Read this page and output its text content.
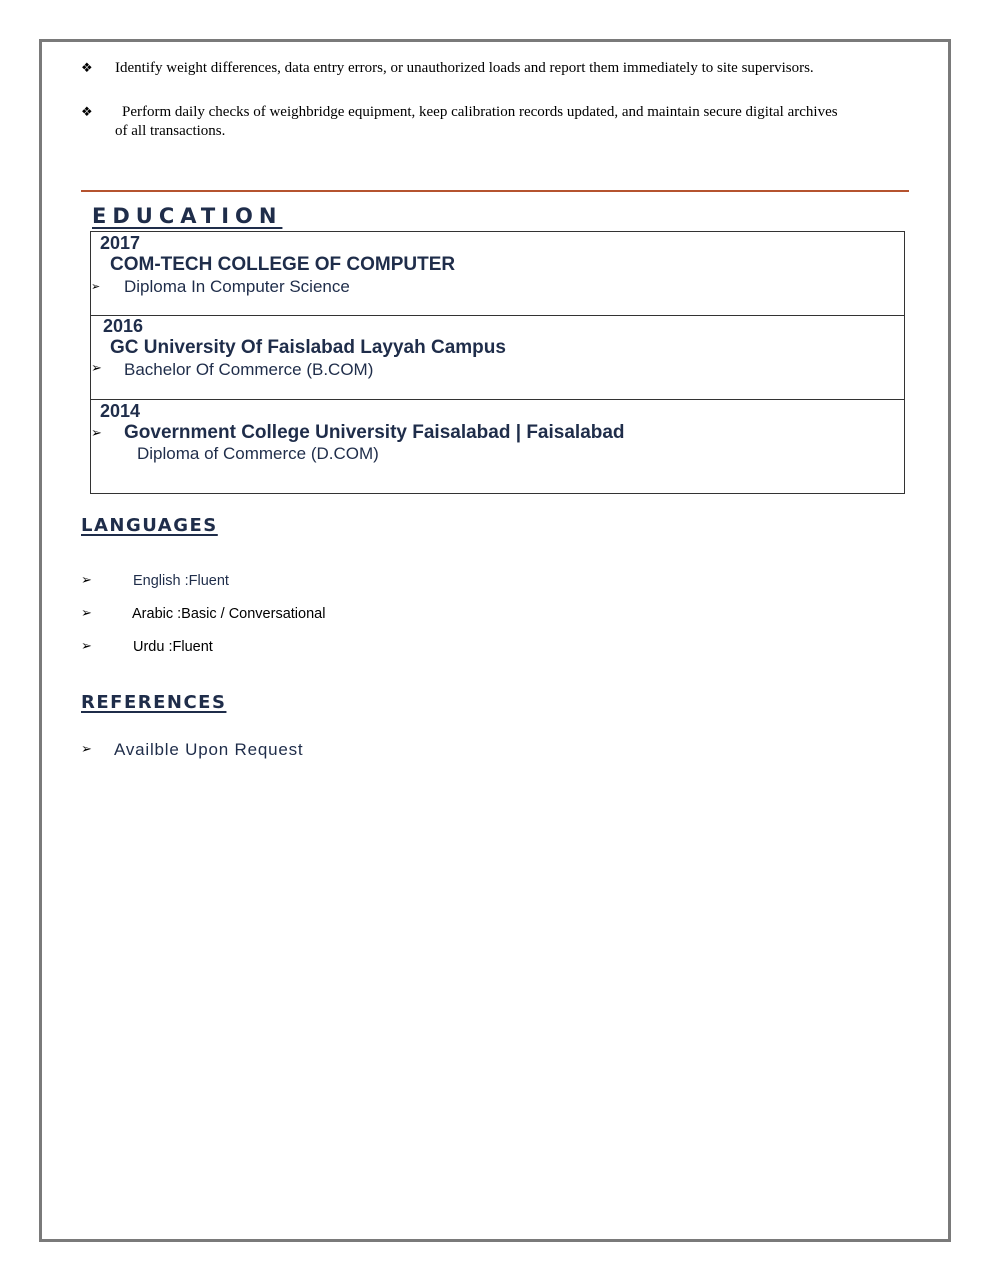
❖ Identify weight differences, data entry errors, or unauthorized loads and report them immediately to site supervisors.
❖ Perform daily checks of weighbridge equipment, keep calibration records updated, and maintain secure digital archives
of all transactions.
EDUCATION
2017
COM-TECH COLLEGE OF COMPUTER
➢ Diploma In Computer Science
2016
GC University Of Faislabad Layyah Campus
➢ Bachelor Of Commerce (B.COM)
2014
➢ Government College University Faisalabad | Faisalabad
Diploma of Commerce (D.COM)
LANGUAGES
➢	English :Fluent
➢	Arabic :Basic / Conversational
➢	Urdu :Fluent
REFERENCES
➢ Availble Upon Request
